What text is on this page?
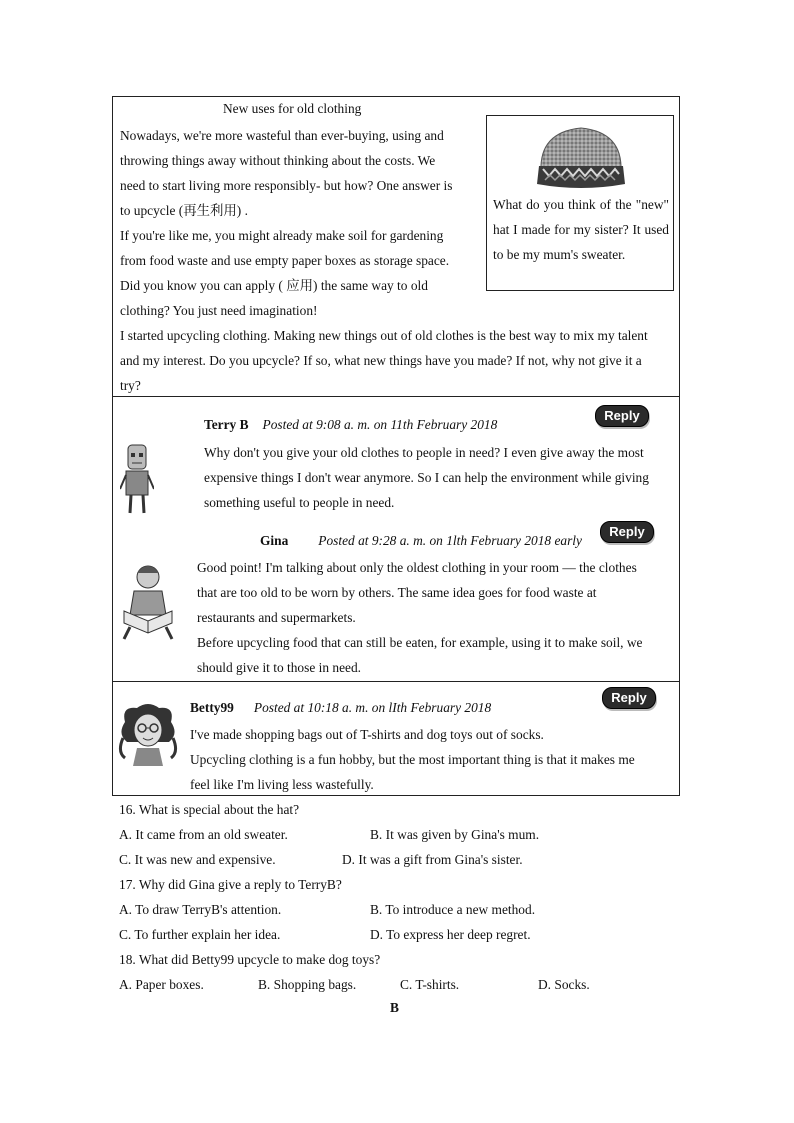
New uses for old clothing
Nowadays, we're more wasteful than ever-buying, using and
throwing things away without thinking about the costs. We
need to start living more responsibly- but how? One answer is
to upcycle (再生利用) .
If you're like me, you might already make soil for gardening
from food waste and use empty paper boxes as storage space.
Did you know you can apply ( 应用) the same way to old
clothing? You just need imagination!
What do you think of the "new" hat I made for my sister? It used to be my mum's sweater.
I started upcycling clothing. Making new things out of old clothes is the best way to mix my talent
and my interest. Do you upcycle? If so, what new things have you made? If not, why not give it a
try?
Terry B Posted at 9:08 a. m. on 11th February 2018
Reply
Why don't you give your old clothes to people in need? I even give away the most
expensive things I don't wear anymore. So I can help the environment while giving
something useful to people in need.
Gina Posted at 9:28 a. m. on 1lth February 2018 early
Reply
Good point! I'm talking about only the oldest clothing in your room — the clothes
that are too old to be worn by others. The same idea goes for food waste at
restaurants and supermarkets.
Before upcycling food that can still be eaten, for example, using it to make soil, we
should give it to those in need.
Betty99 Posted at 10:18 a. m. on lIth February 2018
Reply
I've made shopping bags out of T-shirts and dog toys out of socks.
Upcycling clothing is a fun hobby, but the most important thing is that it makes me
feel like I'm living less wastefully.
16. What is special about the hat?
A. It came from an old sweater.	B. It was given by Gina's mum.
C. It was new and expensive.	D. It was a gift from Gina's sister.
17. Why did Gina give a reply to TerryB?
A. To draw TerryB's attention.	B. To introduce a new method.
C. To further explain her idea.	D. To express her deep regret.
18. What did Betty99 upcycle to make dog toys?
A. Paper boxes.	B. Shopping bags.	C. T-shirts.	D. Socks.
B
